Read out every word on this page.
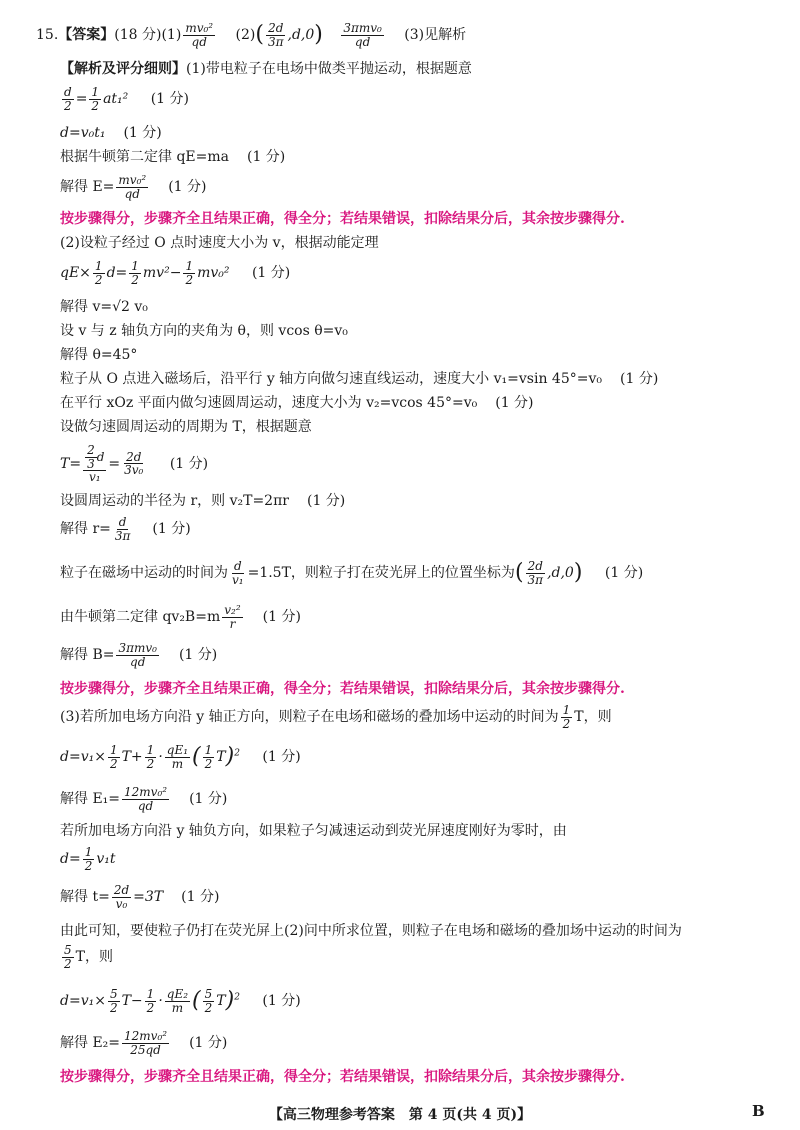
15.【答案】(18 分)$(1) \frac{\text{mv₀²}}{qd} (2)( \frac{2d}{3\pi} ,d,0) \frac{\text{3πmv₀}}{qd} (3)$见解析
【解析及评分细则】(1)带电粒子在电场中做类平抛运动，根据题意
$\frac{d}{2} = \frac{1}{2} at_1^2$ (1 分)
d=v₀t₁ (1 分)
根据牛顿第二定律 qE=ma (1 分)
解得 $E= \frac{\text{mv₀²}}{qd} (1$ 分)
按步骤得分，步骤齐全且结果正确，得全分；若结果错误，扣除结果分后，其余按步骤得分.
(2)设粒子经过 O 点时速度大小为 v，根据动能定理
$qE\times \frac{1}{2} d= \frac{1}{2} mv^2- \frac{1}{2} mv_0^2$ (1 分)
解得 v=√2 v₀
设 v 与 z 轴负方向的夹角为 θ，则 vcos θ=v₀
解得 θ=45°
粒子从 O 点进入磁场后，沿平行 y 轴方向做匀速直线运动，速度大小 v₁=vsin 45°=v₀ (1 分)
在平行 xOz 平面内做匀速圆周运动，速度大小为 v₂=vcos 45°=v₀ (1 分)
设做匀速圆周运动的周期为 T，根据题意
$T= \frac{\frac{2}{3} d}{\text{v₁}} = \frac{2d}{\text{3v₀}} (1$ 分)
设圆周运动的半径为 r，则 v₂T=2πr (1 分)
解得 $r= \frac{d}{3\pi} (1$ 分)
粒子在磁场中运动的时间为 $\frac{d}{\text{v₁}} =1.5T$，则粒子打在荧光屏上的位置坐标为( $\frac{2d}{3\pi} ,d,0$) (1 分)
由牛顿第二定律 $qv_2B=m \frac{\text{v₂²}}{r} (1$ 分)
解得 $B= \frac{\text{3πmv₀}}{qd} (1$ 分)
按步骤得分，步骤齐全且结果正确，得全分；若结果错误，扣除结果分后，其余按步骤得分.
(3)若所加电场方向沿 y 轴正方向，则粒子在电场和磁场的叠加场中运动的时间为 $\frac{1}{2}$ T，则
$d=v_1\times \frac{1}{2} T+ \frac{1}{2} \cdot \frac{\text{qE₁}}{m}$ ( $\frac{1}{2} T)^2$ (1 分)
解得 $E_1= \frac{\text{12mv₀²}}{qd} (1$ 分)
若所加电场方向沿 y 轴负方向，如果粒子匀减速运动到荧光屏速度刚好为零时，由
$d= \frac{1}{2} v_1t$
解得 $t= \frac{2d}{\text{v₀}} =3T$ (1 分)
由此可知，要使粒子仍打在荧光屏上(2)问中所求位置，则粒子在电场和磁场的叠加场中运动的时间为
$\frac{5}{2}$ T，则
$d=v_1\times \frac{5}{2} T- \frac{1}{2} \cdot \frac{\text{qE₂}}{m}$ ( $\frac{5}{2} T)^2$ (1 分)
解得 $E_2= \frac{\text{12mv₀²}}{25qd} (1$ 分)
按步骤得分，步骤齐全且结果正确，得全分；若结果错误，扣除结果分后，其余按步骤得分.
【高三物理参考答案　第 4 页(共 4 页)】	B
